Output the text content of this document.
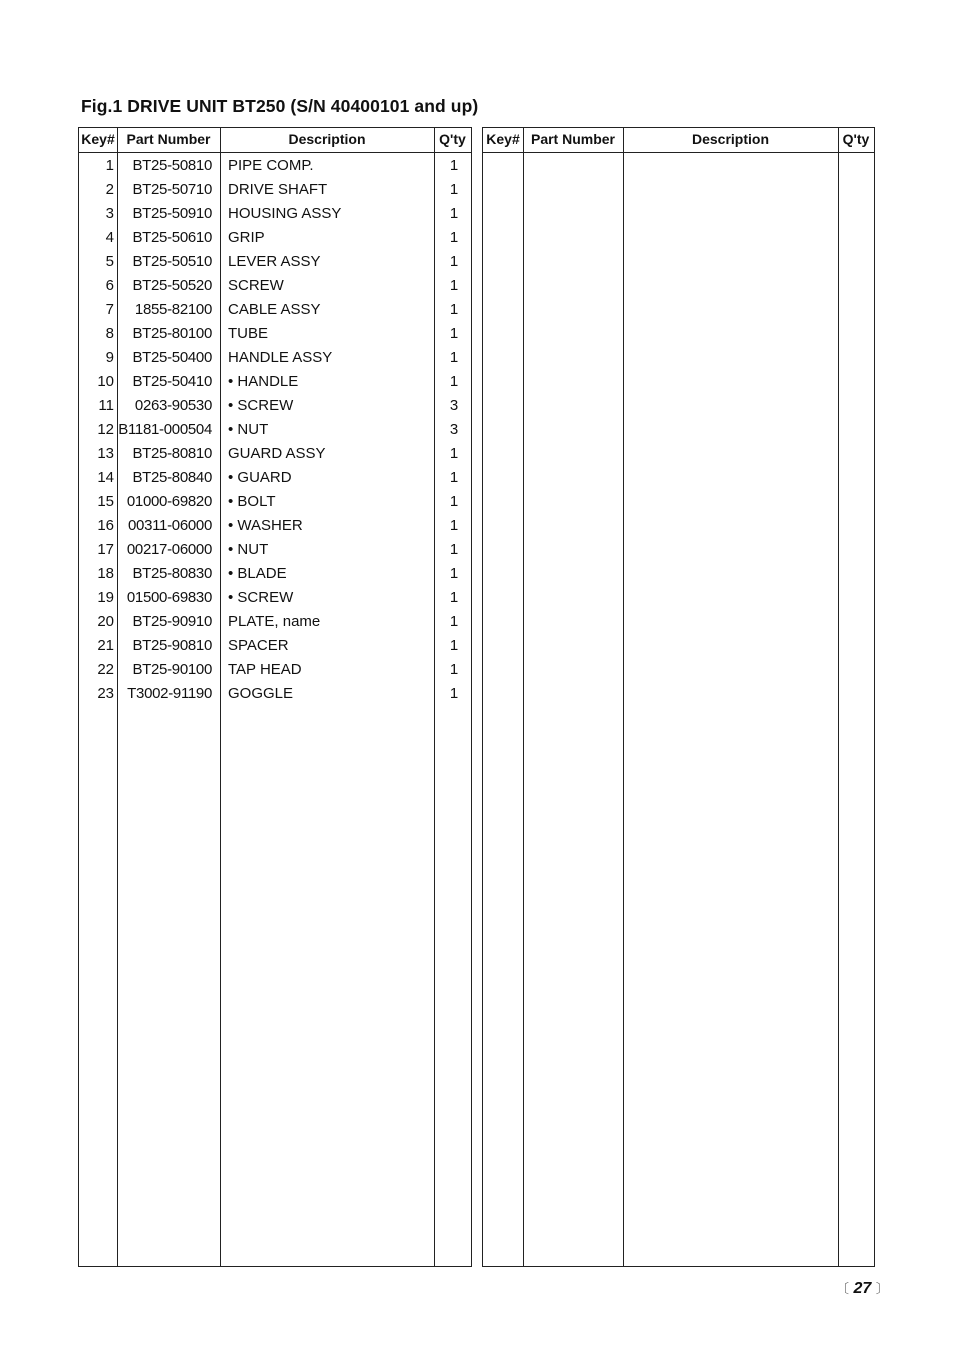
Fig.1 DRIVE UNIT BT250 (S/N 40400101 and up)
Key# Part Number	Description	Q'ty
1 BT25-50810 PIPE COMP.	1
2 BT25-50710 DRIVE SHAFT	1
3 BT25-50910 HOUSING ASSY	1
4 BT25-50610 GRIP	1
5 BT25-50510 LEVER ASSY	1
6 BT25-50520 SCREW	1
7 1855-82100 CABLE ASSY	1
8 BT25-80100 TUBE	1
9 BT25-50400 HANDLE ASSY	1
10 BT25-50410 • HANDLE	1
11 0263-90530 • SCREW	3
12 B1181-000504 • NUT	3
13 BT25-80810 GUARD ASSY	1
14 BT25-80840 • GUARD	1
15 01000-69820 • BOLT	1
16 00311-06000 • WASHER	1
17 00217-06000 • NUT	1
18 BT25-80830 • BLADE	1
19 01500-69830 • SCREW	1
20 BT25-90910 PLATE, name	1
21 BT25-90810 SPACER	1
22 BT25-90100 TAP HEAD	1
23 T3002-91190 GOGGLE	1
Key# Part Number	Description	Q'ty
〔 27 〕
